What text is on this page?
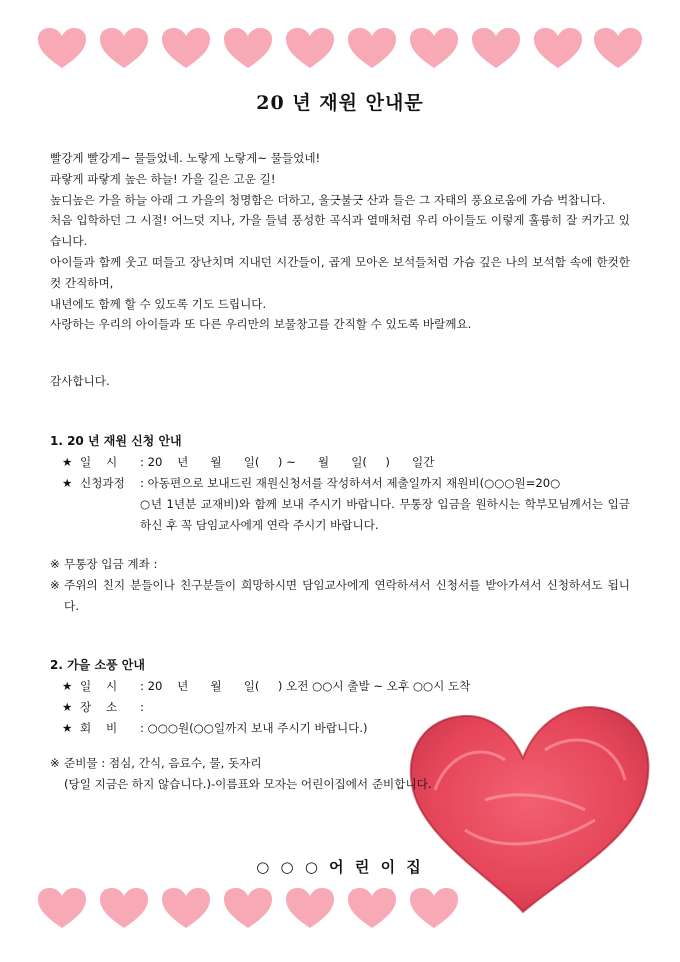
20 년 재원 안내문

빨강게 빨강게~ 물들었네. 노랗게 노랗게~ 물들었네!

파랗게 파랗게 높은 하늘! 가을 길은 고운 길!

높디높은 가을 하늘 아래 그 가을의 청명함은 더하고, 울긋불긋 산과 들은 그 자태의 풍요로움에 가슴 벅찹니다.

처음 입학하던 그 시절! 어느덧 지나, 가을 들녘 풍성한 곡식과 열매처럼 우리 아이들도 이렇게 훌륭히 잘 커가고 있습니다.

아이들과 함께 웃고 떠들고 장난치며 지내던 시간들이, 곱게 모아온 보석들처럼 가슴 깊은 나의 보석함 속에 한컷한컷 간직하며,

내년에도 함께 할 수 있도록 기도 드립니다.

사랑하는 우리의 아이들과 또 다른 우리만의 보물창고를 간직할 수 있도록 바랄께요.

감사합니다.
1. 20 년 재원 신청 안내
★ 일    시 : 20    년      월      일(     ) ~      월      일(     )      일간
★ 신청과정 : 아동편으로 보내드린 재원신청서를 작성하셔서 제출일까지 재원비(○○○원=20○
○년 1년분 교재비)와 함께 보내 주시기 바랍니다. 무통장 입금을 원하시는 학부모님께서는 입금하신 후 꼭 담임교사에게 연락 주시기 바랍니다.
※ 무통장 입금 계좌 :
※ 주위의 친지 분들이나 친구분들이 희망하시면 담임교사에게 연락하셔서 신청서를 받아가셔서 신청하셔도 됩니다.
2. 가을 소풍 안내
★ 일    시 : 20    년      월      일(     ) 오전 ○○시 출발 ~ 오후 ○○시 도착
★ 장    소 :
★ 회    비 : ○○○원(○○일까지 보내 주시기 바랍니다.)
※ 준비물 : 점심, 간식, 음료수, 물, 돗자리
(당일 지금은 하지 않습니다.)-이름표와 모자는 어린이집에서 준비합니다.
○ ○ ○ 어 린 이 집
